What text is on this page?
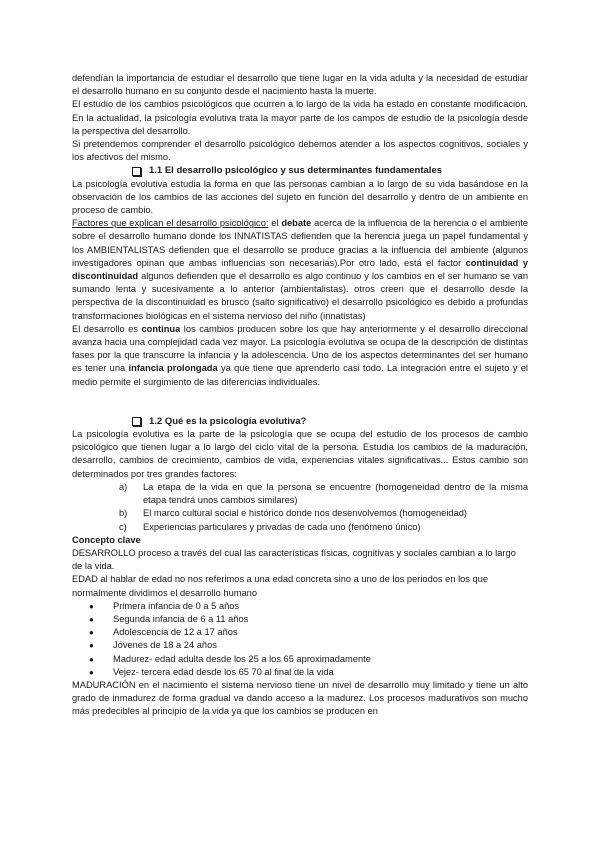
defendían la importancia de estudiar el desarrollo que tiene lugar en la vida adulta y la necesidad de estudiar el desarrollo humano en su conjunto desde el nacimiento hasta la muerte.

El estudio de los cambios psicológicos que ocurren a lo largo de la vida ha estado en constante modificación. En la actualidad, la psicología evolutiva trata la mayor parte de los campos de estudio de la psicología desde la perspectiva del desarrollo.

Si pretendemos comprender el desarrollo psicológico debemos atender a los aspectos cognitivos, sociales y los afectivos del mismo.

1.1 El desarrollo psicológico y sus determinantes fundamentales

La psicología evolutiva estudia la forma en que las personas cambian a lo largo de su vida basándose en la observación de los cambios de las acciones del sujeto en función del desarrollo y dentro de un ambiente en proceso de cambio.

Factores que explican el desarrollo psicológico: el debate acerca de la influencia de la herencia o el ambiente sobre el desarrollo humano donde los INNATISTAS defienden que la herencia juega un papel fundamental y los AMBIENTALISTAS defienden que el desarrollo se produce gracias a la influencia del ambiente (algunos investigadores opinan que ambas influencias son necesarias).Por otro lado, está el factor continuidad y discontinuidad algunos defienden que el desarrollo es algo continuo y los cambios en el ser humano se van sumando lenta y sucesivamente a lo anterior (ambientalistas). otros creen que el desarrollo desde la perspectiva de la discontinuidad es brusco (salto significativo) el desarrollo psicológico es debido a profundas transformaciones biológicas en el sistema nervioso del niño (innatistas)

El desarrollo es continua los cambios producen sobre los que hay anteriormente y el desarrollo direccional avanza hacia una complejidad cada vez mayor. La psicología evolutiva se ocupa de la descripción de distintas fases por la que transcurre la infancia y la adolescencia. Uno de los aspectos determinantes del ser humano es tener una infancia prolongada ya que tiene que aprenderlo casi todo. La integración entre el sujeto y el medio permite el surgimiento de las diferencias individuales.

1.2 Qué es la psicología evolutiva?

La psicología evolutiva es la parte de la psicología que se ocupa del estudio de los procesos de cambio psicológico que tienen lugar a lo largo del ciclo vital de la persona. Estudia los cambios de la maduración, desarrollo, cambios de crecimiento, cambios de vida, experiencias vitales significativas... Estos cambio son determinados por tres grandes factores:

a)	La etapa de la vida en que la persona se encuentre (homogeneidad dentro de la misma etapa tendrá unos cambios similares)
b)	El marco cultural social e histórico donde nos desenvolvemos (homogeneidad)
c)	Experiencias particulares y privadas de cada uno (fenómeno único)

Concepto clave

DESARROLLO proceso a través del cual las características físicas, cognitivas y sociales cambian a lo largo de la vida.

EDAD al hablar de edad no nos referimos a una edad concreta sino a uno de los periodos en los que normalmente dividimos el desarrollo humano

●	Primera infancia de 0 a 5 años
●	Segunda infancia de 6 a 11 años
●	Adolescencia de 12 a 17 años
●	Jóvenes de 18 a 24 años
●	Madurez- edad adulta desde los 25 a los 65 aproximadamente
●	Vejez- tercera edad desde los 65 70 al final de la vida

MADURACIÓN en el nacimiento el sistema nervioso tiene un nivel de desarrollo muy limitado y tiene un alto grado de inmadurez de forma gradual va dando acceso a la madurez. Los procesos madurativos son mucho más predecibles al principio de la vida ya que los cambios se producen en
